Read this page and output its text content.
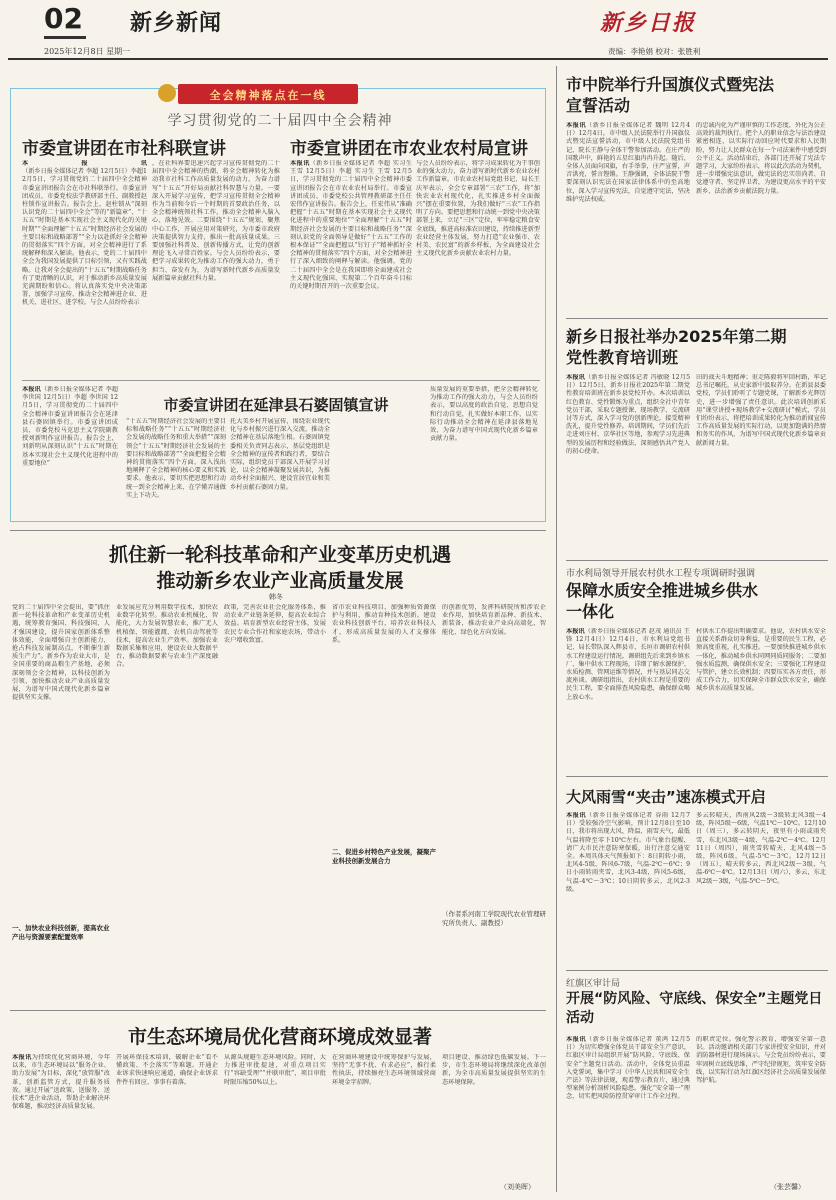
02 新乡新闻
2025年12月8日 星期一
新乡日报
责编：李艳娟 校对：张胜利
全会精神落点在一线
学习贯彻党的二十届四中全会精神
市委宣讲团在市社科联宣讲
本报讯（新乡日报全媒体记者 李超 12月5日）李超12月5日，学习贯彻党的二十届四中全会精神市委宣讲团报告会在市社科联举行。市委宣讲团成员、市委党校法学教研部主任、副教授赵柱锁作宣讲报告。报告会上，赵柱锁从“深刻认识党的二十届四中全会”等的“新篇章”、“十五五”时期是基本实现社会主义现代化的关键时期”“全面理解“十五五”时期经济社会发展的主要目标和战略部署”“全力以赴抓好全会精神的贯彻落实”四个方面，对全会精神进行了系统解释和深入解读。他表示，党的二十届四中全会为我国发展提供了目标引领，又有实践战略。让我对全会提出的“十五五”时期战略任务有了更清晰的认识，对于推动新乡高质量发展充满期盼和信心。将认真落实党中央决策部署，加强学习宣传、推动全会精神进企业、进机关、进社区、进学校。与会人员纷纷表示
，在社科界要迅速兴起学习宣传贯彻党的二十届四中全会精神的热潮，将全会精神转化为推动我市社科工作高质量发展的动力，为奋力谱写“十五五”开好局贡献社科智慧与力量。一要深入开展学习宣传，把学习宣传贯彻全会精神作为当前和今后一个时期的首要政治任务，以全会精神统领社科工作，推动全会精神入脑入心、落地见效。二要围绕“十五五”规划、聚焦中心工作，开展应用对策研究，为市委市政府决策提供智力支持，推出一批高质量成果。三要加强社科普及、创新传播方式，让党的创新理论飞入寻常百姓家。与会人员纷纷表示，要把学习成果转化为推动工作的强大动力，勇于担当、奋发有为，为谱写新时代新乡高质量发展新篇章贡献社科力量。
市委宣讲团在市农业农村局宣讲
本报讯（新乡日报全媒体记者 李超 实习生 王雪 12月5日）李超 实习生 王雪 12月5日，学习贯彻党的二十届四中全会精神市委宣讲团报告会在市农业农村局举行。市委宣讲团成员、市委党校公共管理教研部主任任宏伟作宣讲报告。报告会上，任宏伟从“准确把握“十五五”时期在基本实现社会主义现代化进程中的重要地位”“全面理解“十五五”时期经济社会发展的主要目标和战略任务”“深刻认识党的全面领导是做好“十五五”工作的根本保证”“全面把握以“钉钉子”精神抓好全会精神的贯彻落实”四个方面，对全会精神进行了深入细致的阐释与解读。他强调，党的二十届四中全会是在我国即将全面建成社会主义现代化强国、实现第二个百年奋斗目标的关键时期召开的一次重要会议。
与会人员纷纷表示，将学习成果转化为干事创业的强大动力，奋力谱写新时代新乡农业农村工作新篇章。市农业农村局党组书记、局长王庆军表示，全会专章部署“三农”工作，将“加快农业农村现代化，扎实推进乡村全面振兴”摆在重要位置，为我们做好“三农”工作指明了方向。要把思想和行动统一到党中央决策部署上来，立足“三区”定位，牢牢稳定粮食安全底线，推进高标准农田建设，持续推进新型农业经营主体发展，努力打造“农业强市、农村美、农民富”的新乡样板，为全面建设社会主义现代化新乡贡献农业农村力量。
本报讯（新乡日报全媒体记者 李超 李世国 12月5日）李超 李世国 12月5日，学习贯彻党的二十届四中全会精神市委宣讲团报告会在延津县石婆固镇举行。市委宣讲团成员、市委党校马克思主义学院副教授刘新明作宣讲报告。报告会上，刘新明从深刻认识“十五五”时期在基本实现社会主义现代化进程中的重要地位”
市委宣讲团在延津县石婆固镇宣讲
“十五五”时期经济社会发展的主要目标和战略任务”“十五五”时期经济社会发展的战略任务和重大举措”“深刻领会“十五五”时期经济社会发展的主要目标和战略部署”“全面把握全会精神的贯彻落实”四个方面，深入浅出地阐释了全会精神的核心要义和实践要求。他表示，要切实把思想和行动统一到全会精神上来，在学懂弄通做实上下功夫。
托大美乡村开展宣传，围绕农业现代化与乡村振兴进行深入交流，推动全会精神在基层落地生根。石婆固镇党委相关负责同志表示，基层党组织是全会精神的宣传者和践行者，要结合实际，组织党员干部深入开展学习讨论，以全会精神凝聚发展共识，为推动乡村全面振兴、建设宜居宜业和美乡村贡献石婆固力量。
质量发展的重要举措，把全会精神转化为推动工作的强大动力，与会人员纷纷表示，要以高度的政治自觉、思想自觉和行动自觉，扎实做好本职工作，以实际行动推动全会精神在延津县落地见效，为奋力谱写中国式现代化新乡篇章贡献力量。
市中院举行升国旗仪式暨宪法宣誓活动
本报讯（新乡日报全媒体记者 魏明 12月4日）12月4日，市中级人民法院举行升国旗仪式暨宪法宣誓活动，市中级人民法院党组书记、院长王静与全体干警参加活动。在庄严的国歌声中，鲜艳的五星红旗冉冉升起。随后，全体人员面向国旗，右手举拳，庄严宣誓，声音洪亮，誓言铿锵。王静强调，全体法院干警要深刻认识宪法在国家法律体系中的至高地位，深入学习宣传宪法，自觉遵守宪法，坚决维护宪法权威。
的忠诚内化为严谨审慎的工作态度，外化为公正高效的裁判执行。把个人的职业信念与法治建设紧密相连，以实际行动回应时代要求和人民期盼，努力让人民群众在每一个司法案件中感受到公平正义。活动结束后，各部门还开展了宪法专题学习，大家纷纷表示，将以此次活动为契机，进一步增强宪法意识，做宪法的忠实崇尚者、自觉遵守者、坚定捍卫者，为建设更高水平的平安新乡、法治新乡贡献法院力量。
新乡日报社举办2025年第二期党性教育培训班
本报讯（新乡日报全媒体记者 冯敏晓 12月5日）12月5日，新乡日报社2025年第二期党性教育培训班在新乡县党校开办。本次培训以红色教育、党性锻炼为重点，组织全社中青年党员干部，采取专题授课、现场教学、交流研讨等方式，深入学习党的创新理论，接受精神洗礼，提升党性修养。培训期间，学员们先后走进刘庄村、京华社区等地，参观学习先进典型的发展历程和经验做法，深刻感悟共产党人的初心使命。
田的战天斗地精神；重走陈毅将军回村路，牢记总书记嘱托，从史家新中汲取养分。在新县县委党校，学员们聆听了专题党课，了解新乡光辉历史，进一步增强了责任意识。此次培训创新采用“课堂讲授+现场教学+交流研讨”模式，学员们纷纷表示，将把培训成果转化为推动新闻宣传工作高质量发展的实际行动，以更加饱满的热情和务实的作风，为谱写中国式现代化新乡篇章贡献新闻力量。
市水利局领导开展农村供水工程专项调研时强调
保障水质安全推进城乡供水一体化
本报讯（新乡日报全媒体记者 赵茂 通讯员 王锋 12月4日）12月4日，市水利局党组书记、局长带队深入辉县市、长垣市调研农村供水工程建设运行情况。调研组先后来到乡镇水厂、集中供水工程现场，详细了解水源保护、水质检测、管网运维等情况，并与基层同志交流座谈。调研组指出，农村供水工程是重要的民生工程，要全面排查风险隐患，确保群众喝上放心水。
村供水工作提出明确要求。他说，农村供水安全直接关系群众切身利益，是重要的民生工程，必须高度重视，扎实推进。一要加快推进城乡供水一体化，推动城乡供水同网同质同服务；二要加强水质监测，确保供水安全；三要强化工程建设与管护，建立长效机制；四要压实各方责任，形成工作合力，切实保障全市群众饮水安全，确保城乡供水高质量发展。
大风雨雪“夹击”速冻模式开启
本报讯（新乡日报全媒体记者 谷雨 12月7日）受较强冷空气影响，预计12月8日至10日，我市将出现大风、降温、雨雪天气，最低气温将降至零下10℃左右。市气象台提醒，请广大市民注意防寒保暖，出行注意交通安全。本周具体天气预报如下：8日阴转小雨，北风4-5级，阵风6-7级，气温-2℃～6℃；9日小雨转雨夹雪，北风3-4级，阵风5-6级，气温-4℃～3℃；10日阴转多云，北风2-3级。
多云转晴天，西南风2级～3级转北风3级～4级，阵风5级～6级，气温1℃～10℃。12月10日（周三），多云转阴天，夜里有小雨或雨夹雪，东北风3级～4级，气温-2℃～4℃。12月11日（周四），雨夹雪转晴天，北风4级～5级，阵风6级，气温-5℃～3℃。12月12日（周五），晴天转多云，西北风2级～3级，气温-6℃～4℃。12月13日（周六），多云，东北风2级～3级，气温-5℃～5℃。
红旗区审计局
开展“防风险、守底线、保安全”主题党日活动
本报讯（新乡日报全媒体记者 董鸿 12月5日）为切实增强全体党员干部安全生产意识，红旗区审计局组织开展“防风险、守底线、保安全”主题党日活动。活动中，全体党员重温入党誓词，集中学习《中华人民共和国安全生产法》等法律法规，观看警示教育片，通过典型案例分析剖析风险隐患。强化“安全第一”理念，切实把风险防控贯穿审计工作全过程。
的职责定位。强化警示教育，增强安全第一意识。活动邀请相关部门专家讲授安全知识，并对消防器材进行现场演示。与会党员纷纷表示，要牢固树立底线思维，严守纪律规矩，筑牢安全防线，以实际行动为红旗区经济社会高质量发展保驾护航。
（张芸馨）
抓住新一轮科技革命和产业变革历史机遇
推动新乡农业产业高质量发展
韩冬
党的二十届四中全会提出，要“抓住新一轮科技革命和产业变革历史机遇，统筹教育强国、科技强国、人才强国建设，提升国家创新体系整体效能，全面增强自主创新能力，抢占科技发展制高点，不断催生新质生产力”。新乡作为农业大市，是全国重要的商品粮生产基地，必须深刻领会全会精神，以科技创新为引领，加快推动农业产业高质量发展，为谱写中国式现代化新乡篇章提供坚实支撑。
一、加快农业科技创新，提高农业产出与资源要素配置效率
业发展应充分利用数字技术，加快农业数字化转型。推动农业机械化、智能化，大力发展智慧农业，推广无人机植保、智能灌溉、农机自动驾驶等技术，提高农业生产效率。加强农业数据采集和应用，建设农业大数据平台，推动数据要素与农业生产深度融合。
政策，完善农业社会化服务体系，推动农业产业链条延伸，提高农业综合效益。培育新型农业经营主体，发展农民专业合作社和家庭农场，带动小农户增收致富。
省市农业科技项目，加强种质资源保护与利用，推动育种技术创新。建设农业科技创新平台，培养农业科技人才，形成高质量发展的人才支撑体系。
二、促进乡村特色产业发展，凝聚产业科技创新发展合力
的创新优势，发挥科研院所和涉农企业作用，加快培育新品种、新技术、新装备，推动农业产业向高端化、智能化、绿色化方向发展。
（作者系河南工学院现代农业管理研究所负责人、副教授）
市生态环境局优化营商环境成效显著
本报讯为持续优化营商环境，今年以来，市生态环境局以“服务企业、助力发展”为目标，深化“放管服”改革，创新监管方式，提升服务质效。通过开展“送政策、送服务、送技术”进企业活动，帮助企业解决环保难题，推动经济高质量发展。
开展环保技术培训，破解企业“看不懂政策、不会落实”等难题。开通企业诉求快速响应通道，确保企业诉求件件有回应、事事有着落。
从源头规避生态环境风险。同时，大力推进审批提速，对重点项目实行“容缺受理”“并联审批”，项目审批时限压缩50%以上。
在营商环境建设中统筹保护与发展，坚持“无事不扰、有求必应”，推行柔性执法，持续擦亮生态环境领域营商环境金字招牌。
项目建设，推动绿色低碳发展。下一步，市生态环境局将继续深化改革创新，为全市高质量发展提供坚实的生态环境保障。
（刘美晖）
